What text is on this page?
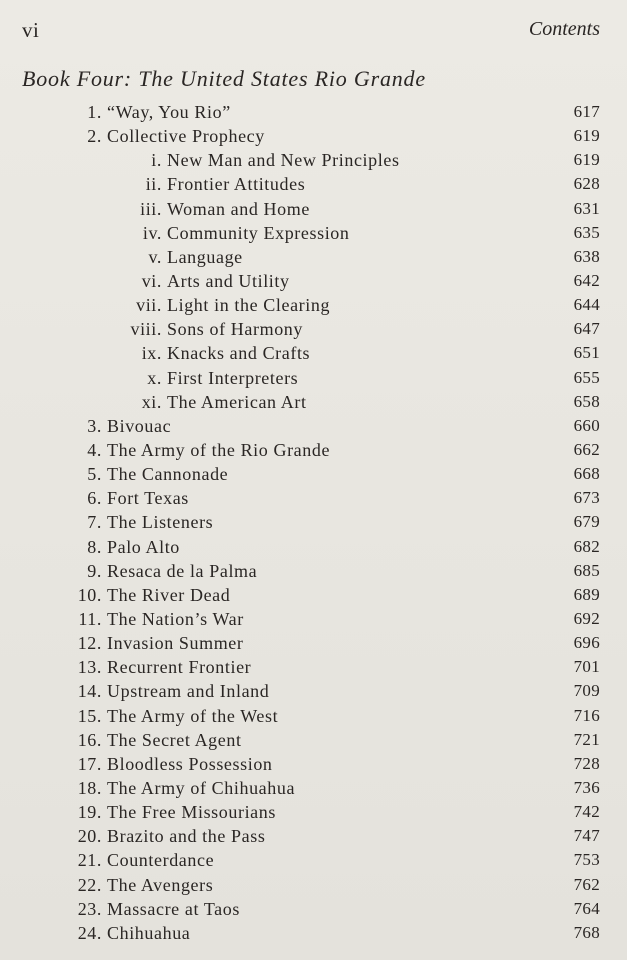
vi	Contents
Book Four: The United States Rio Grande
1. “Way, You Rio”	617
2. Collective Prophecy	619
i. New Man and New Principles	619
ii. Frontier Attitudes	628
iii. Woman and Home	631
iv. Community Expression	635
v. Language	638
vi. Arts and Utility	642
vii. Light in the Clearing	644
viii. Sons of Harmony	647
ix. Knacks and Crafts	651
x. First Interpreters	655
xi. The American Art	658
3. Bivouac	660
4. The Army of the Rio Grande	662
5. The Cannonade	668
6. Fort Texas	673
7. The Listeners	679
8. Palo Alto	682
9. Resaca de la Palma	685
10. The River Dead	689
11. The Nation’s War	692
12. Invasion Summer	696
13. Recurrent Frontier	701
14. Upstream and Inland	709
15. The Army of the West	716
16. The Secret Agent	721
17. Bloodless Possession	728
18. The Army of Chihuahua	736
19. The Free Missourians	742
20. Brazito and the Pass	747
21. Counterdance	753
22. The Avengers	762
23. Massacre at Taos	764
24. Chihuahua	768
